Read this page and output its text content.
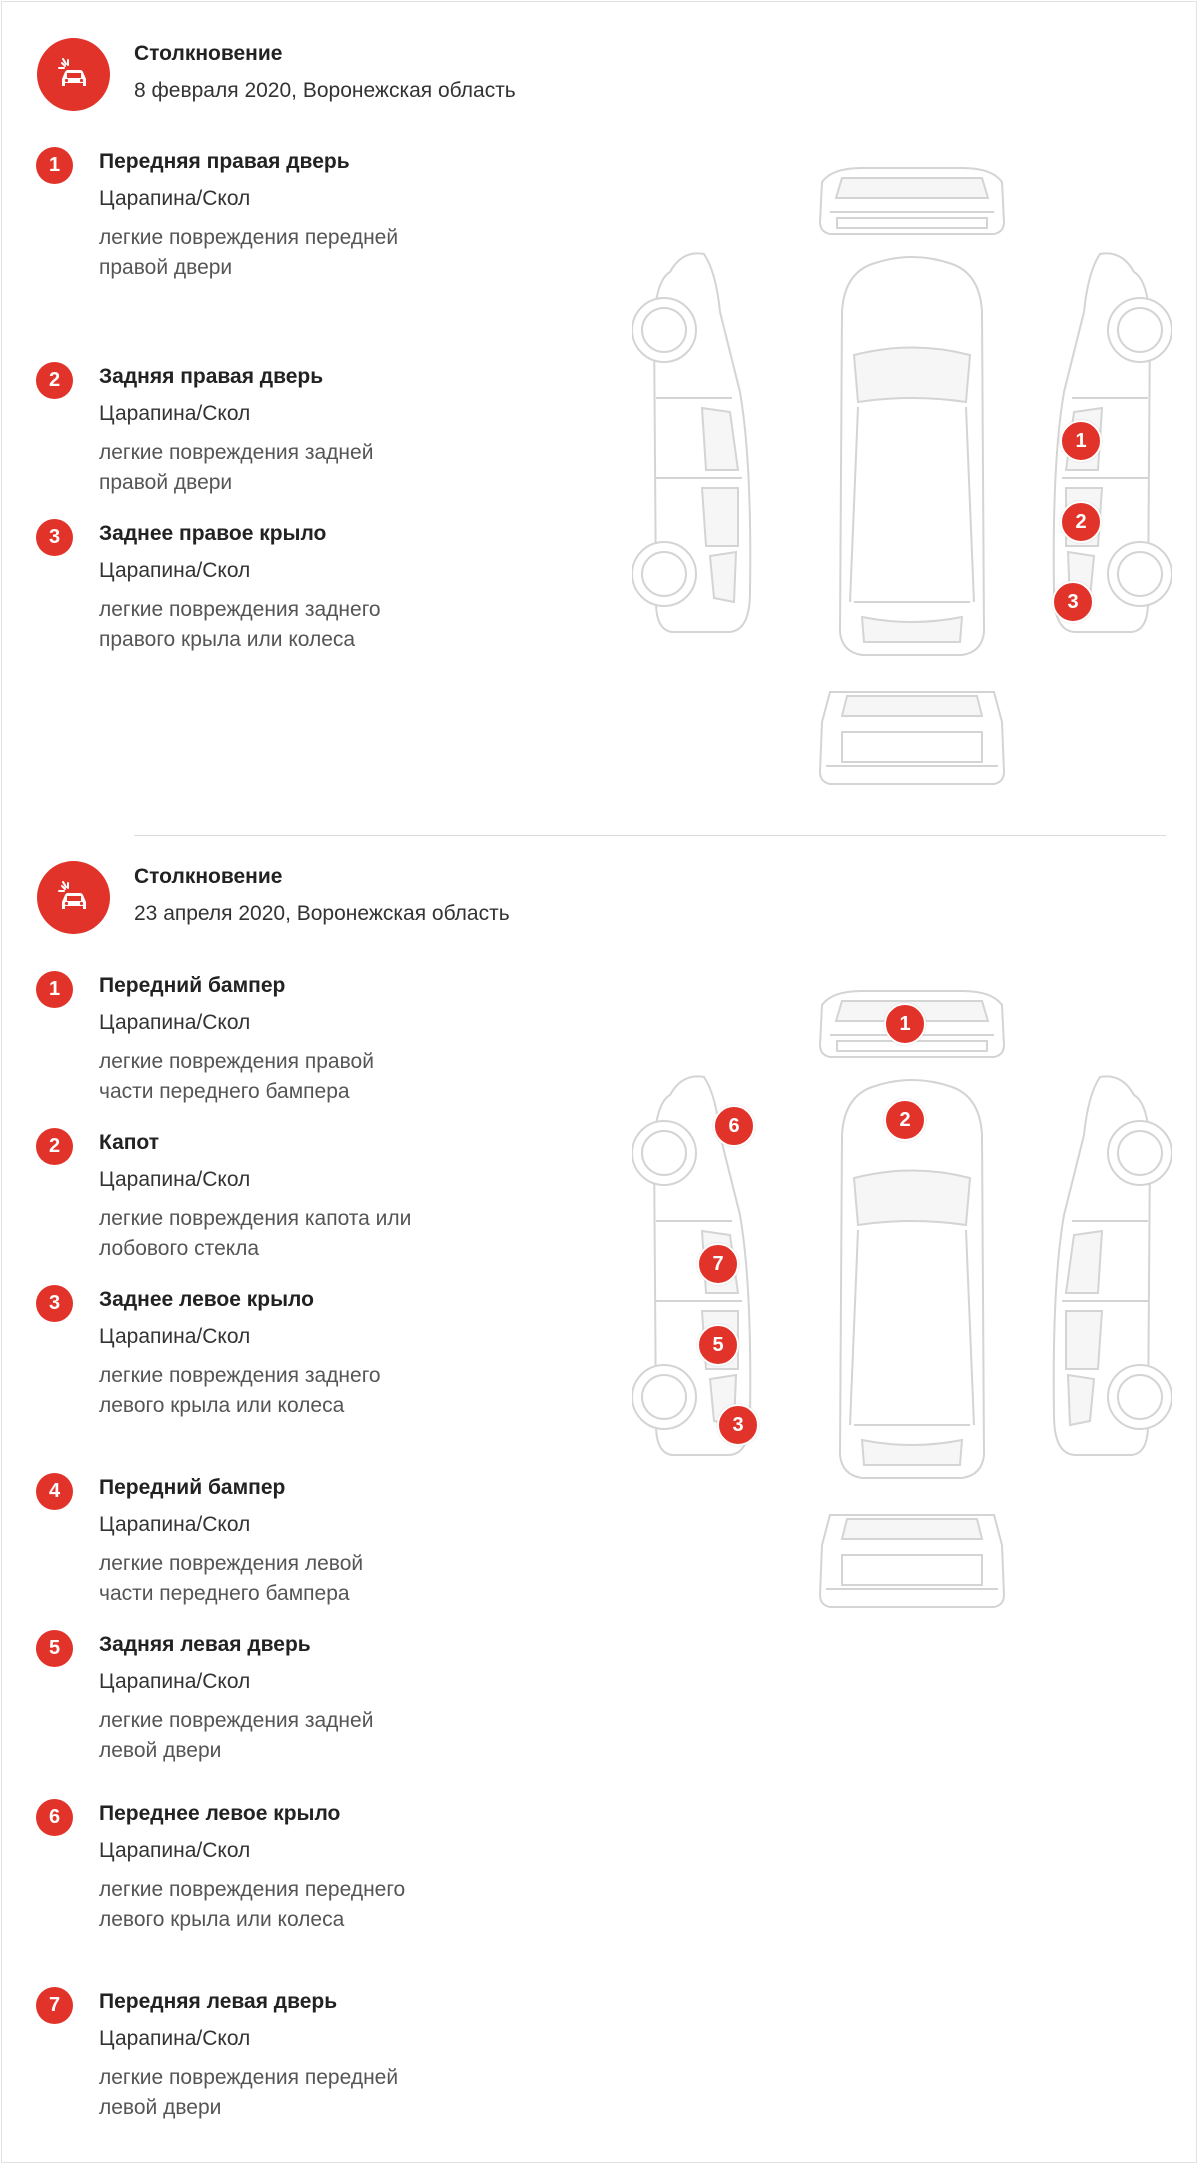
Столкновение
8 февраля 2020, Воронежская область
1	Передняя правая дверь
Царапина/Скол
легкие повреждения передней правой двери
2	Задняя правая дверь
Царапина/Скол
легкие повреждения задней правой двери
3	Заднее правое крыло
Царапина/Скол
легкие повреждения заднего правого крыла или колеса
1
2
3
Столкновение
23 апреля 2020, Воронежская область
1	Передний бампер
Царапина/Скол
легкие повреждения правой части переднего бампера
2	Капот
Царапина/Скол
легкие повреждения капота или лобового стекла
3	Заднее левое крыло
Царапина/Скол
легкие повреждения заднего левого крыла или колеса
4	Передний бампер
Царапина/Скол
легкие повреждения левой части переднего бампера
5	Задняя левая дверь
Царапина/Скол
легкие повреждения задней левой двери
6	Переднее левое крыло
Царапина/Скол
легкие повреждения переднего левого крыла или колеса
7	Передняя левая дверь
Царапина/Скол
легкие повреждения передней левой двери
1
2
7
5
3
6
